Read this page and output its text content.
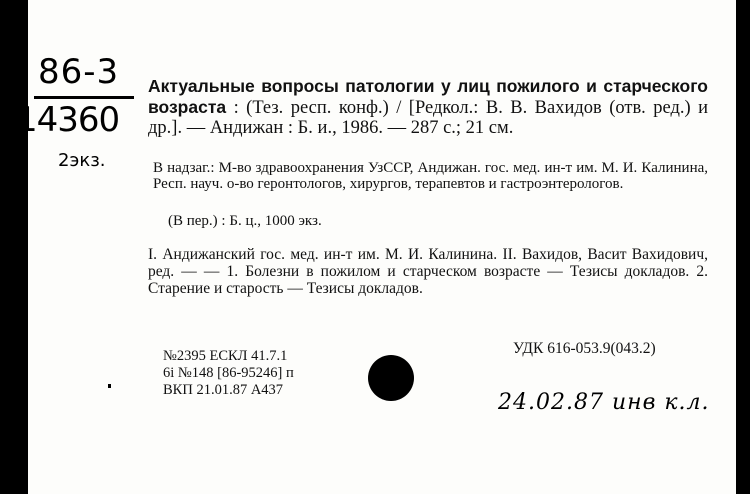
86-3
14360
2экз.

Актуальные вопросы патологии у лиц пожилого и старческого возраста : (Тез. респ. конф.) / [Редкол.: В. В. Вахидов (отв. ред.) и др.]. — Андижан : Б. и., 1986. — 287 с.; 21 см.

В надзаг.: М-во здравоохранения УзССР, Андижан. гос. мед. ин-т им. М. И. Калинина, Респ. науч. о-во геронтологов, хирургов, терапевтов и гастроэнтерологов.

(В пер.) : Б. ц., 1000 экз.

I. Андижанский гос. мед. ин-т им. М. И. Калинина. II. Вахидов, Васит Вахидович, ред. — — 1. Болезни в пожилом и старческом возрасте — Тезисы докладов. 2. Старение и старость — Тезисы докладов.

УДК 616-053.9(043.2)
№2395 ЕСКЛ 41.7.1
6і №148 [86-95246] п
ВКП 21.01.87 А437	24.02.87 инв к.л.
